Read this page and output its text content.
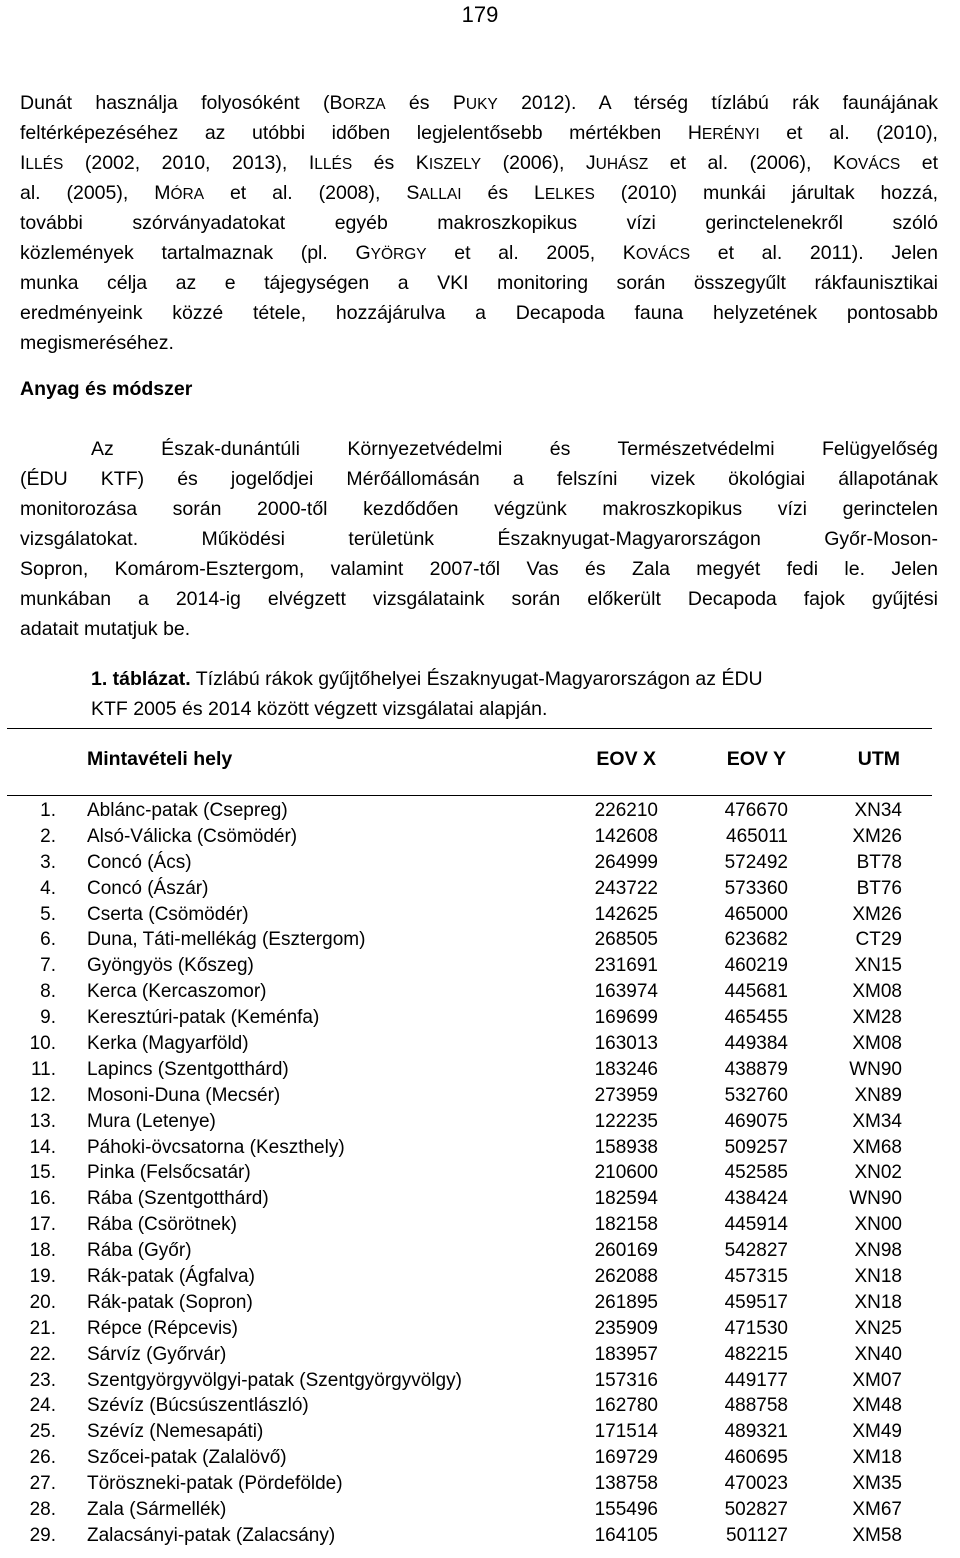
179
Dunát használja folyosóként (BORZA és PUKY 2012). A térség tízlábú rák faunájának
feltérképezéséhez az utóbbi időben legjelentősebb mértékben HERÉNYI et al. (2010),
ILLÉS (2002, 2010, 2013), ILLÉS és KISZELY (2006), JUHÁSZ et al. (2006), KOVÁCS et
al. (2005), MÓRA et al. (2008), SALLAI és LELKES (2010) munkái járultak hozzá,
további szórványadatokat egyéb makroszkopikus vízi gerinctelenekről szóló
közlemények tartalmaznak (pl. GYÖRGY et al. 2005, KOVÁCS et al. 2011). Jelen
munka célja az e tájegységen a VKI monitoring során összegyűlt rákfaunisztikai
eredményeink közzé tétele, hozzájárulva a Decapoda fauna helyzetének pontosabb
megismeréséhez.
Anyag és módszer
Az Észak-dunántúli Környezetvédelmi és Természetvédelmi Felügyelőség
(ÉDU KTF) és jogelődjei Mérőállomásán a felszíni vizek ökológiai állapotának
monitorozása során 2000-től kezdődően végzünk makroszkopikus vízi gerinctelen
vizsgálatokat. Működési területünk Északnyugat-Magyarországon Győr-Moson-
Sopron, Komárom-Esztergom, valamint 2007-től Vas és Zala megyét fedi le. Jelen
munkában a 2014-ig elvégzett vizsgálataink során előkerült Decapoda fajok gyűjtési
adatait mutatjuk be.
1. táblázat. Tízlábú rákok gyűjtőhelyei Északnyugat-Magyarországon az ÉDU
KTF 2005 és 2014 között végzett vizsgálatai alapján.
Mintavételi hely	EOV X	EOV Y	UTM
1. Ablánc-patak (Csepreg)	226210	476670	XN34
2. Alsó-Válicka (Csömödér)	142608	465011	XM26
3. Concó (Ács)	264999	572492	BT78
4. Concó (Ászár)	243722	573360	BT76
5. Cserta (Csömödér)	142625	465000	XM26
6. Duna, Táti-mellékág (Esztergom)	268505	623682	CT29
7. Gyöngyös (Kőszeg)	231691	460219	XN15
8. Kerca (Kercaszomor)	163974	445681	XM08
9. Keresztúri-patak (Keménfa)	169699	465455	XM28
10. Kerka (Magyarföld)	163013	449384	XM08
11. Lapincs (Szentgotthárd)	183246	438879	WN90
12. Mosoni-Duna (Mecsér)	273959	532760	XN89
13. Mura (Letenye)	122235	469075	XM34
14. Páhoki-övcsatorna (Keszthely)	158938	509257	XM68
15. Pinka (Felsőcsatár)	210600	452585	XN02
16. Rába (Szentgotthárd)	182594	438424	WN90
17. Rába (Csörötnek)	182158	445914	XN00
18. Rába (Győr)	260169	542827	XN98
19. Rák-patak (Ágfalva)	262088	457315	XN18
20. Rák-patak (Sopron)	261895	459517	XN18
21. Répce (Répcevis)	235909	471530	XN25
22. Sárvíz (Győrvár)	183957	482215	XN40
23. Szentgyörgyvölgyi-patak (Szentgyörgyvölgy)	157316	449177	XM07
24. Szévíz (Búcsúszentlászló)	162780	488758	XM48
25. Szévíz (Nemesapáti)	171514	489321	XM49
26. Szőcei-patak (Zalalövő)	169729	460695	XM18
27. Töröszneki-patak (Pördefölde)	138758	470023	XM35
28. Zala (Sármellék)	155496	502827	XM67
29. Zalacsányi-patak (Zalacsány)	164105	501127	XM58
